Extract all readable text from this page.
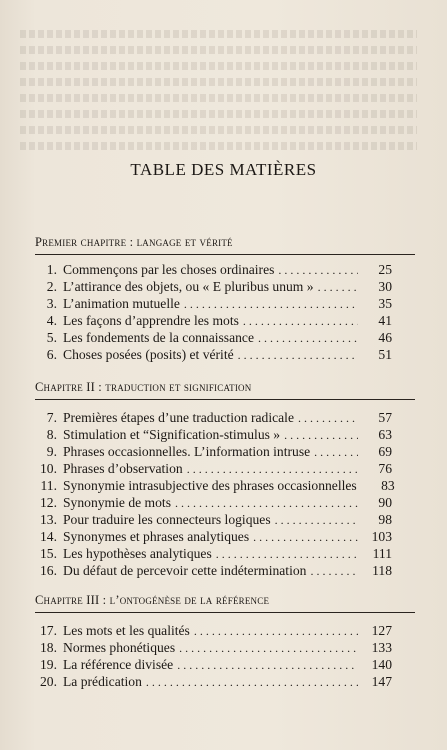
TABLE DES MATIÈRES
Premier chapitre : langage et vérité
1. Commençons par les choses ordinaires . . .	25
2. L’attirance des objets, ou « E pluribus unum » . . .	30
3. L’animation mutuelle . . .	35
4. Les façons d’apprendre les mots . . .	41
5. Les fondements de la connaissance . . .	46
6. Choses posées (posits) et vérité . . .	51
Chapitre II : traduction et signification
7. Premières étapes d’une traduction radicale . . .	57
8. Stimulation et “Signification-stimulus » . . .	63
9. Phrases occasionnelles. L’information intruse . . .	69
10. Phrases d’observation . . .	76
11. Synonymie intrasubjective des phrases occasionnelles	83
12. Synonymie de mots . . .	90
13. Pour traduire les connecteurs logiques . . .	98
14. Synonymes et phrases analytiques . . .	103
15. Les hypothèses analytiques . . .	111
16. Du défaut de percevoir cette indétermination . . .	118
Chapitre III : l’ontogénèse de la référence
17. Les mots et les qualités . . .	127
18. Normes phonétiques . . .	133
19. La référence divisée . . .	140
20. La prédication . . .	147
